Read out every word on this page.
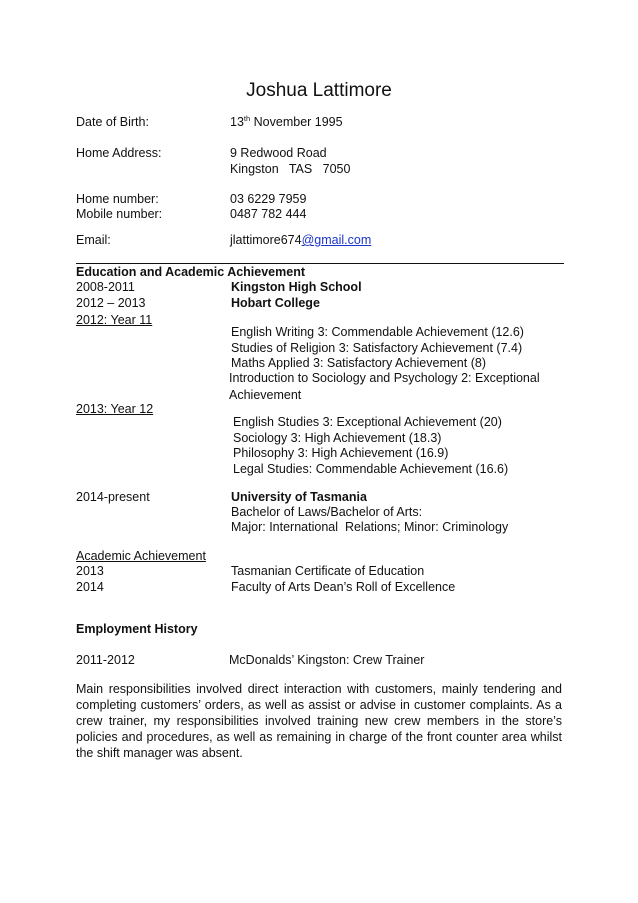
Joshua Lattimore
Date of Birth:	13th November 1995
Home Address:	9 Redwood Road
Kingston   TAS   7050
Home number:	03 6229 7959
Mobile number:	0487 782 444
Email:	jlattimore674@gmail.com
Education and Academic Achievement
2008-2011	Kingston High School
2012 – 2013	Hobart College
2012: Year 11
English Writing 3: Commendable Achievement (12.6)
Studies of Religion 3: Satisfactory Achievement (7.4)
Maths Applied 3: Satisfactory Achievement (8)
Introduction to Sociology and Psychology 2: Exceptional
Achievement
2013: Year 12
English Studies 3: Exceptional Achievement (20)
Sociology 3: High Achievement (18.3)
Philosophy 3: High Achievement (16.9)
Legal Studies: Commendable Achievement (16.6)
2014-present	University of Tasmania
Bachelor of Laws/Bachelor of Arts:
Major: International  Relations; Minor: Criminology
Academic Achievement
2013	Tasmanian Certificate of Education
2014	Faculty of Arts Dean’s Roll of Excellence
Employment History
2011-2012	McDonalds’ Kingston: Crew Trainer
Main responsibilities involved direct interaction with customers, mainly tendering and completing customers’ orders, as well as assist or advise in customer complaints. As a crew trainer, my responsibilities involved training new crew members in the store’s policies and procedures, as well as remaining in charge of the front counter area whilst the shift manager was absent.
